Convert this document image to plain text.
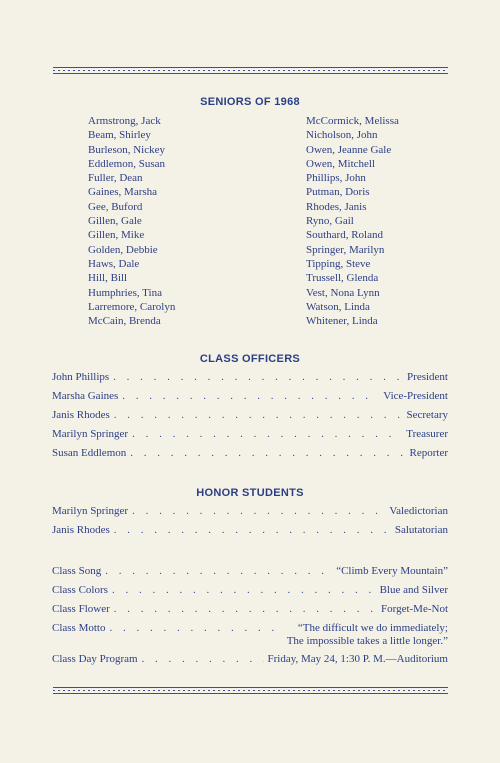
SENIORS OF 1968
Armstrong, Jack
Beam, Shirley
Burleson, Nickey
Eddlemon, Susan
Fuller, Dean
Gaines, Marsha
Gee, Buford
Gillen, Gale
Gillen, Mike
Golden, Debbie
Haws, Dale
Hill, Bill
Humphries, Tina
Larremore, Carolyn
McCain, Brenda
McCormick, Melissa
Nicholson, John
Owen, Jeanne Gale
Owen, Mitchell
Phillips, John
Putman, Doris
Rhodes, Janis
Ryno, Gail
Southard, Roland
Springer, Marilyn
Tipping, Steve
Trussell, Glenda
Vest, Nona Lynn
Watson, Linda
Whitener, Linda
CLASS OFFICERS
John Phillips . . .	President
Marsha Gaines . . .	Vice-President
Janis Rhodes . . .	Secretary
Marilyn Springer . . .	Treasurer
Susan Eddlemon . . .	Reporter
HONOR STUDENTS
Marilyn Springer . . .	Valedictorian
Janis Rhodes . . .	Salutatorian
Class Song . . .	“Climb Every Mountain”
Class Colors . . .	Blue and Silver
Class Flower . . .	Forget-Me-Not
Class Motto . . .	“The difficult we do immediately;
The impossible takes a little longer.”
Class Day Program . . .	Friday, May 24, 1:30 P. M.—Auditorium
